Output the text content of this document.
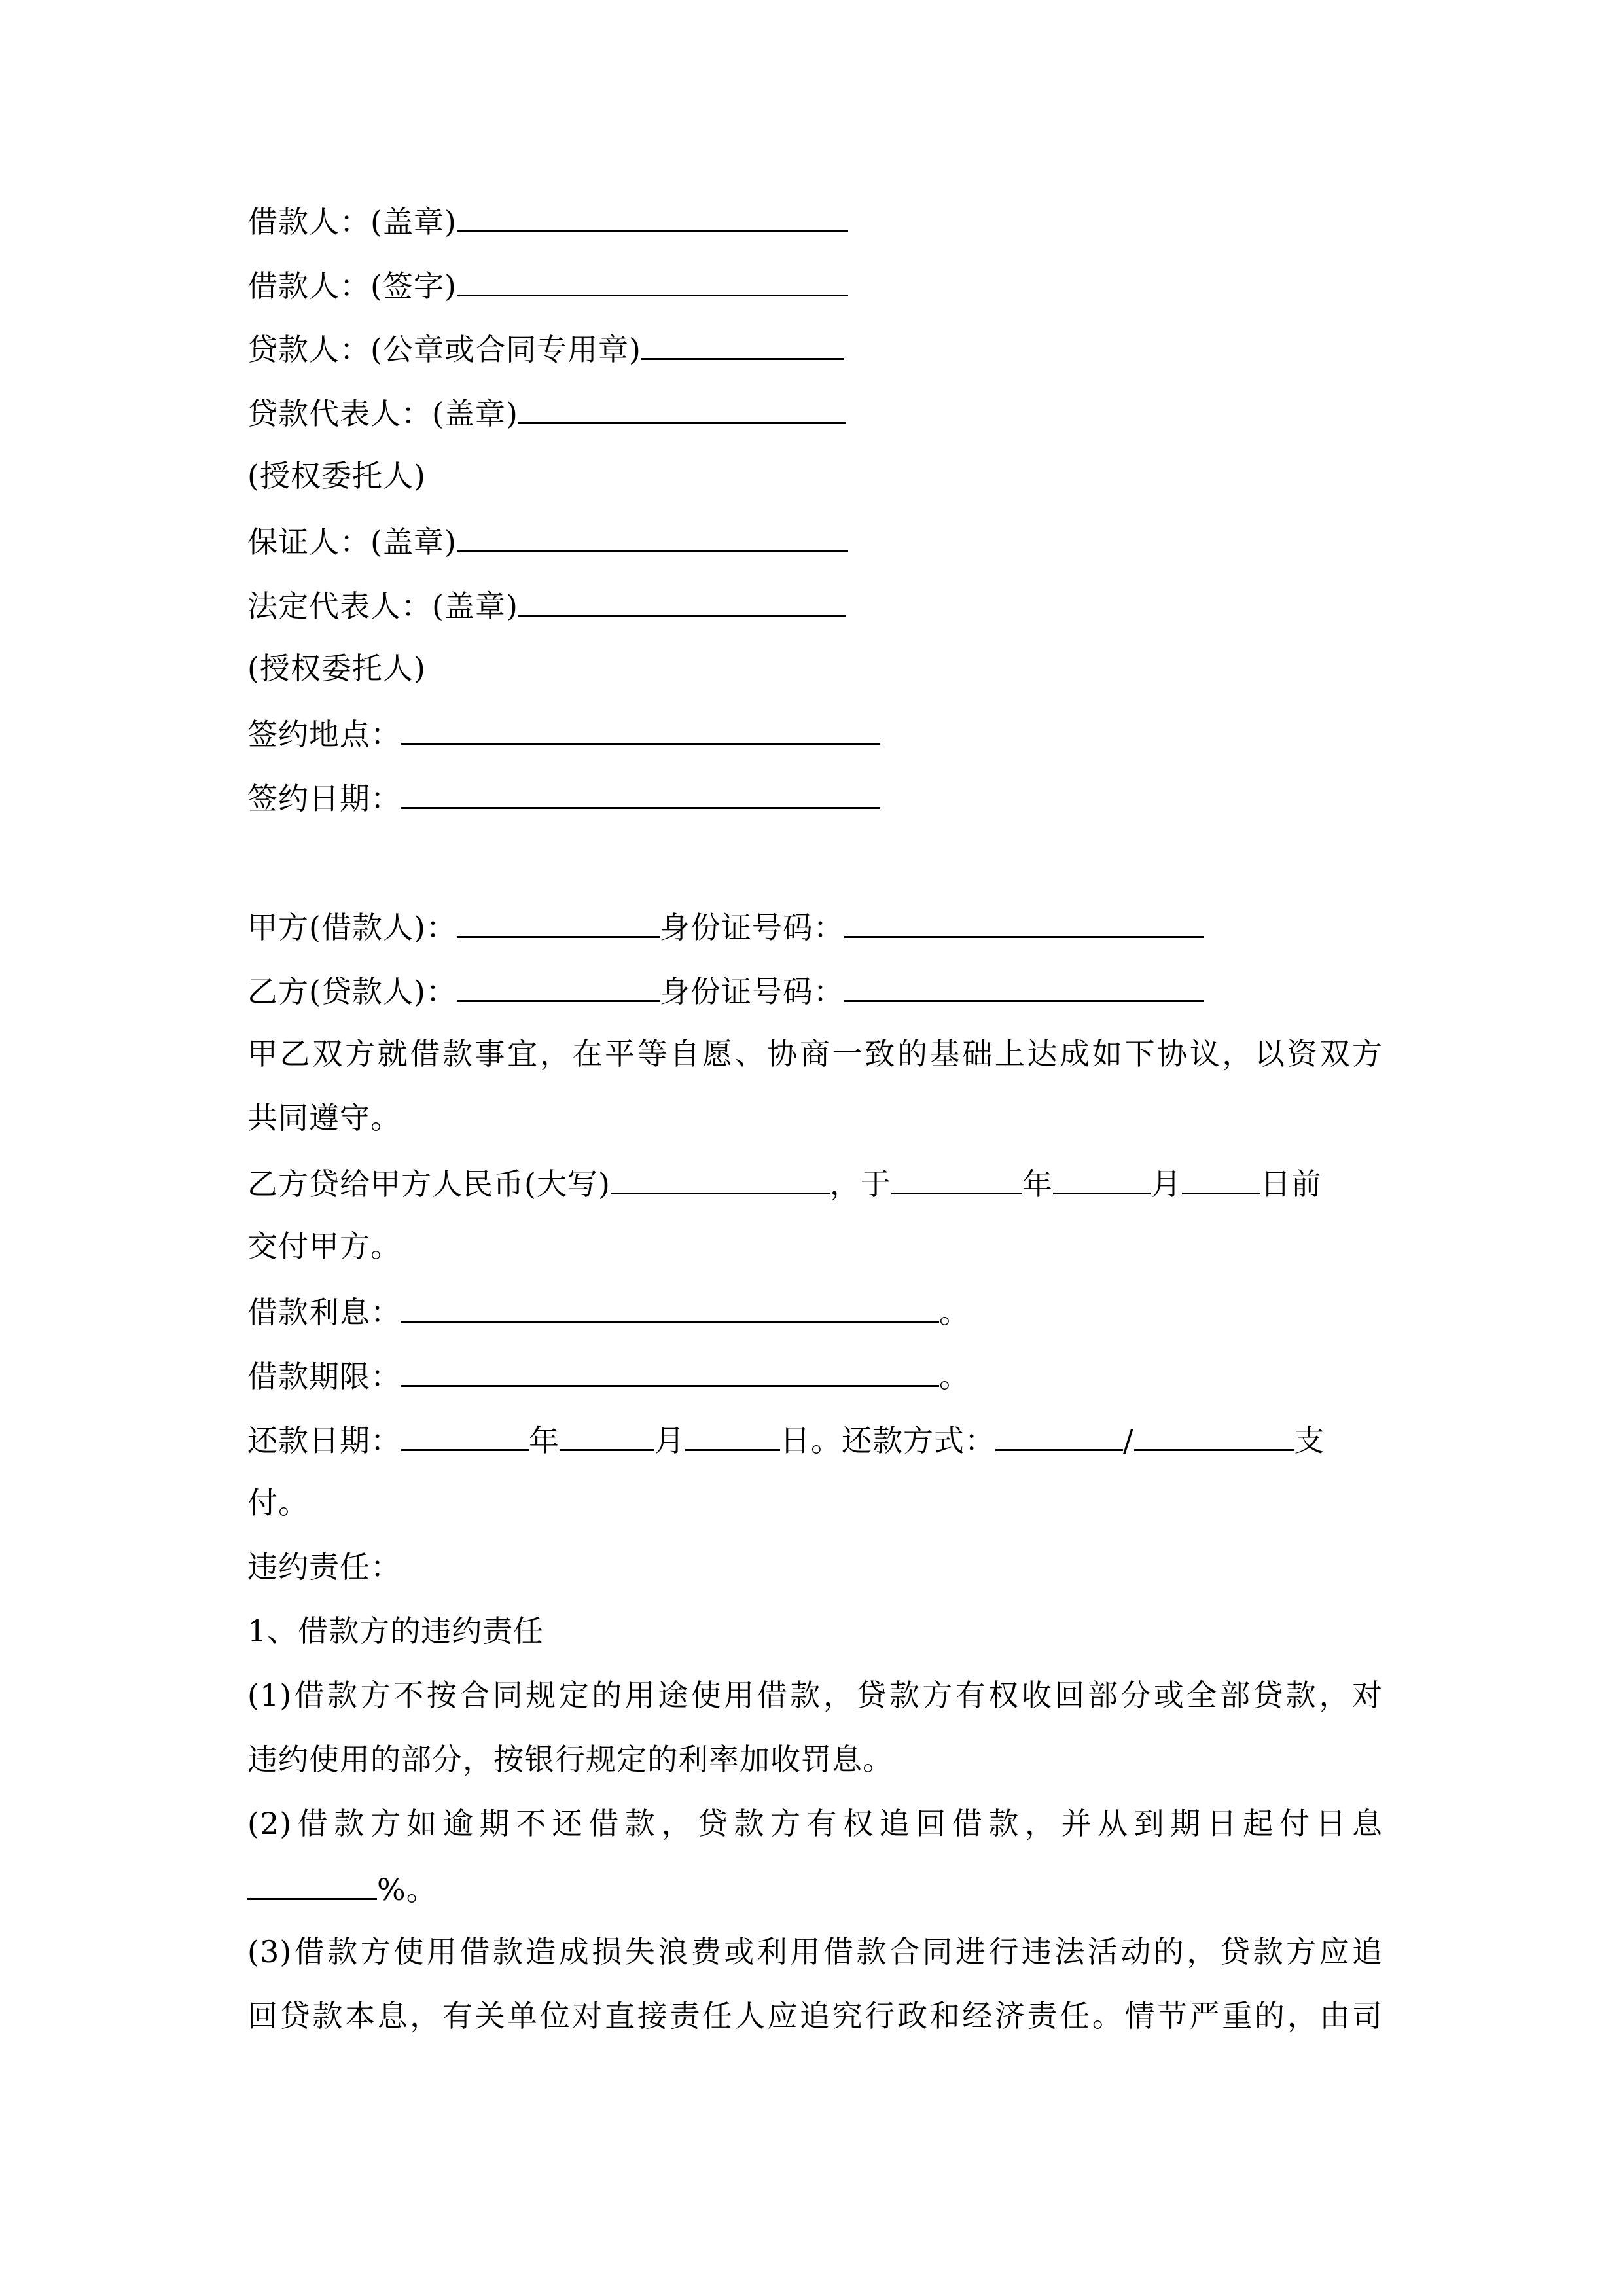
借款人：(盖章)
借款人：(签字)
贷款人：(公章或合同专用章)
贷款代表人：(盖章)
(授权委托人)
保证人：(盖章)
法定代表人：(盖章)
(授权委托人)
签约地点：
签约日期：
甲方(借款人)：	身份证号码：
乙方(贷款人)：	身份证号码：
甲乙双方就借款事宜，在平等自愿、协商一致的基础上达成如下协议，以资双方
共同遵守。
乙方贷给甲方人民币(大写)	，于	年	月	日前
交付甲方。
借款利息：	。
借款期限：	。
还款日期：	年	月	日。还款方式：	/	支
付。
违约责任：
1、借款方的违约责任
(1)借款方不按合同规定的用途使用借款，贷款方有权收回部分或全部贷款，对
违约使用的部分，按银行规定的利率加收罚息。
(2)借款方如逾期不还借款，贷款方有权追回借款，并从到期日起付日息
%。
(3)借款方使用借款造成损失浪费或利用借款合同进行违法活动的，贷款方应追
回贷款本息，有关单位对直接责任人应追究行政和经济责任。情节严重的，由司
